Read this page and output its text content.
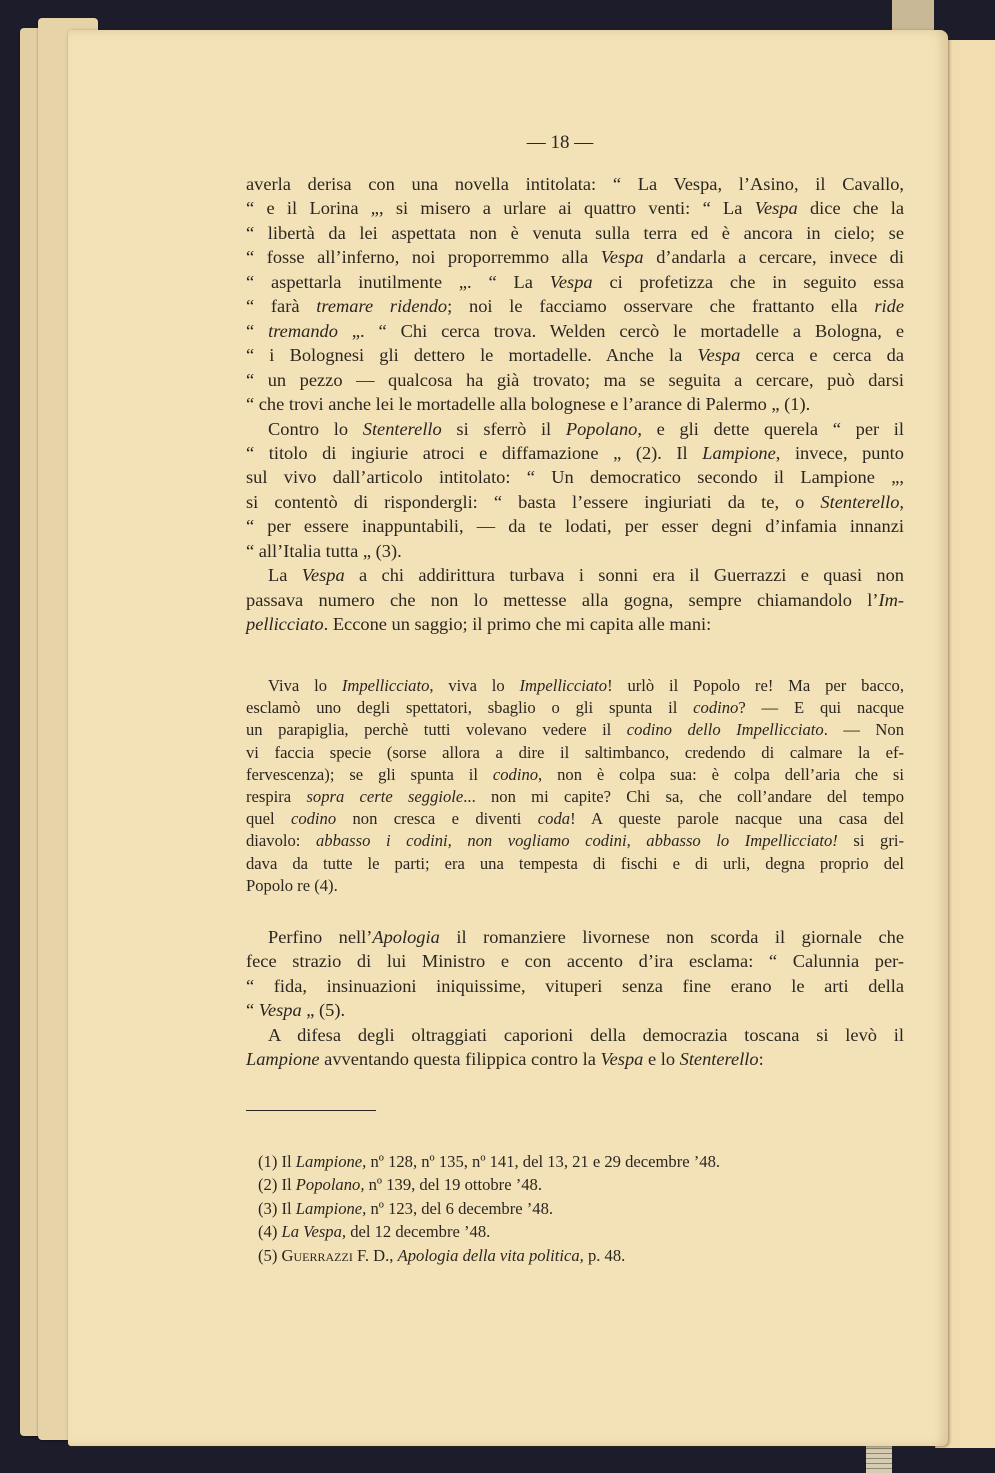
— 18 —
averla derisa con una novella intitolata: “ La Vespa, l’Asino, il Cavallo,
“ e il Lorina „, si misero a urlare ai quattro venti: “ La Vespa dice che la
“ libertà da lei aspettata non è venuta sulla terra ed è ancora in cielo; se
“ fosse all’inferno, noi proporremmo alla Vespa d’andarla a cercare, invece di
“ aspettarla inutilmente „. “ La Vespa ci profetizza che in seguito essa
“ farà tremare ridendo; noi le facciamo osservare che frattanto ella ride
“ tremando „. “ Chi cerca trova. Welden cercò le mortadelle a Bologna, e
“ i Bolognesi gli dettero le mortadelle. Anche la Vespa cerca e cerca da
“ un pezzo — qualcosa ha già trovato; ma se seguita a cercare, può darsi
“ che trovi anche lei le mortadelle alla bolognese e l’arance di Palermo „ (1).
Contro lo Stenterello si sferrò il Popolano, e gli dette querela “ per il
“ titolo di ingiurie atroci e diffamazione „ (2). Il Lampione, invece, punto
sul vivo dall’articolo intitolato: “ Un democratico secondo il Lampione „,
si contentò di rispondergli: “ basta l’essere ingiuriati da te, o Stenterello,
“ per essere inappuntabili, — da te lodati, per esser degni d’infamia innanzi
“ all’Italia tutta „ (3).
La Vespa a chi addirittura turbava i sonni era il Guerrazzi e quasi non
passava numero che non lo mettesse alla gogna, sempre chiamandolo l’Im-
pellicciato. Eccone un saggio; il primo che mi capita alle mani:
Viva lo Impellicciato, viva lo Impellicciato! urlò il Popolo re! Ma per bacco,
esclamò uno degli spettatori, sbaglio o gli spunta il codino? — E qui nacque
un parapiglia, perchè tutti volevano vedere il codino dello Impellicciato. — Non
vi faccia specie (sorse allora a dire il saltimbanco, credendo di calmare la ef-
fervescenza); se gli spunta il codino, non è colpa sua: è colpa dell’aria che si
respira sopra certe seggiole... non mi capite? Chi sa, che coll’andare del tempo
quel codino non cresca e diventi coda! A queste parole nacque una casa del
diavolo: abbasso i codini, non vogliamo codini, abbasso lo Impellicciato! si gri-
dava da tutte le parti; era una tempesta di fischi e di urli, degna proprio del
Popolo re (4).
Perfino nell’Apologia il romanziere livornese non scorda il giornale che
fece strazio di lui Ministro e con accento d’ira esclama: “ Calunnia per-
“ fida, insinuazioni iniquissime, vituperi senza fine erano le arti della
“ Vespa „ (5).
A difesa degli oltraggiati caporioni della democrazia toscana si levò il
Lampione avventando questa filippica contro la Vespa e lo Stenterello:
(1) Il Lampione, nº 128, nº 135, nº 141, del 13, 21 e 29 decembre ’48.
(2) Il Popolano, nº 139, del 19 ottobre ’48.
(3) Il Lampione, nº 123, del 6 decembre ’48.
(4) La Vespa, del 12 decembre ’48.
(5) Guerrazzi F. D., Apologia della vita politica, p. 48.
